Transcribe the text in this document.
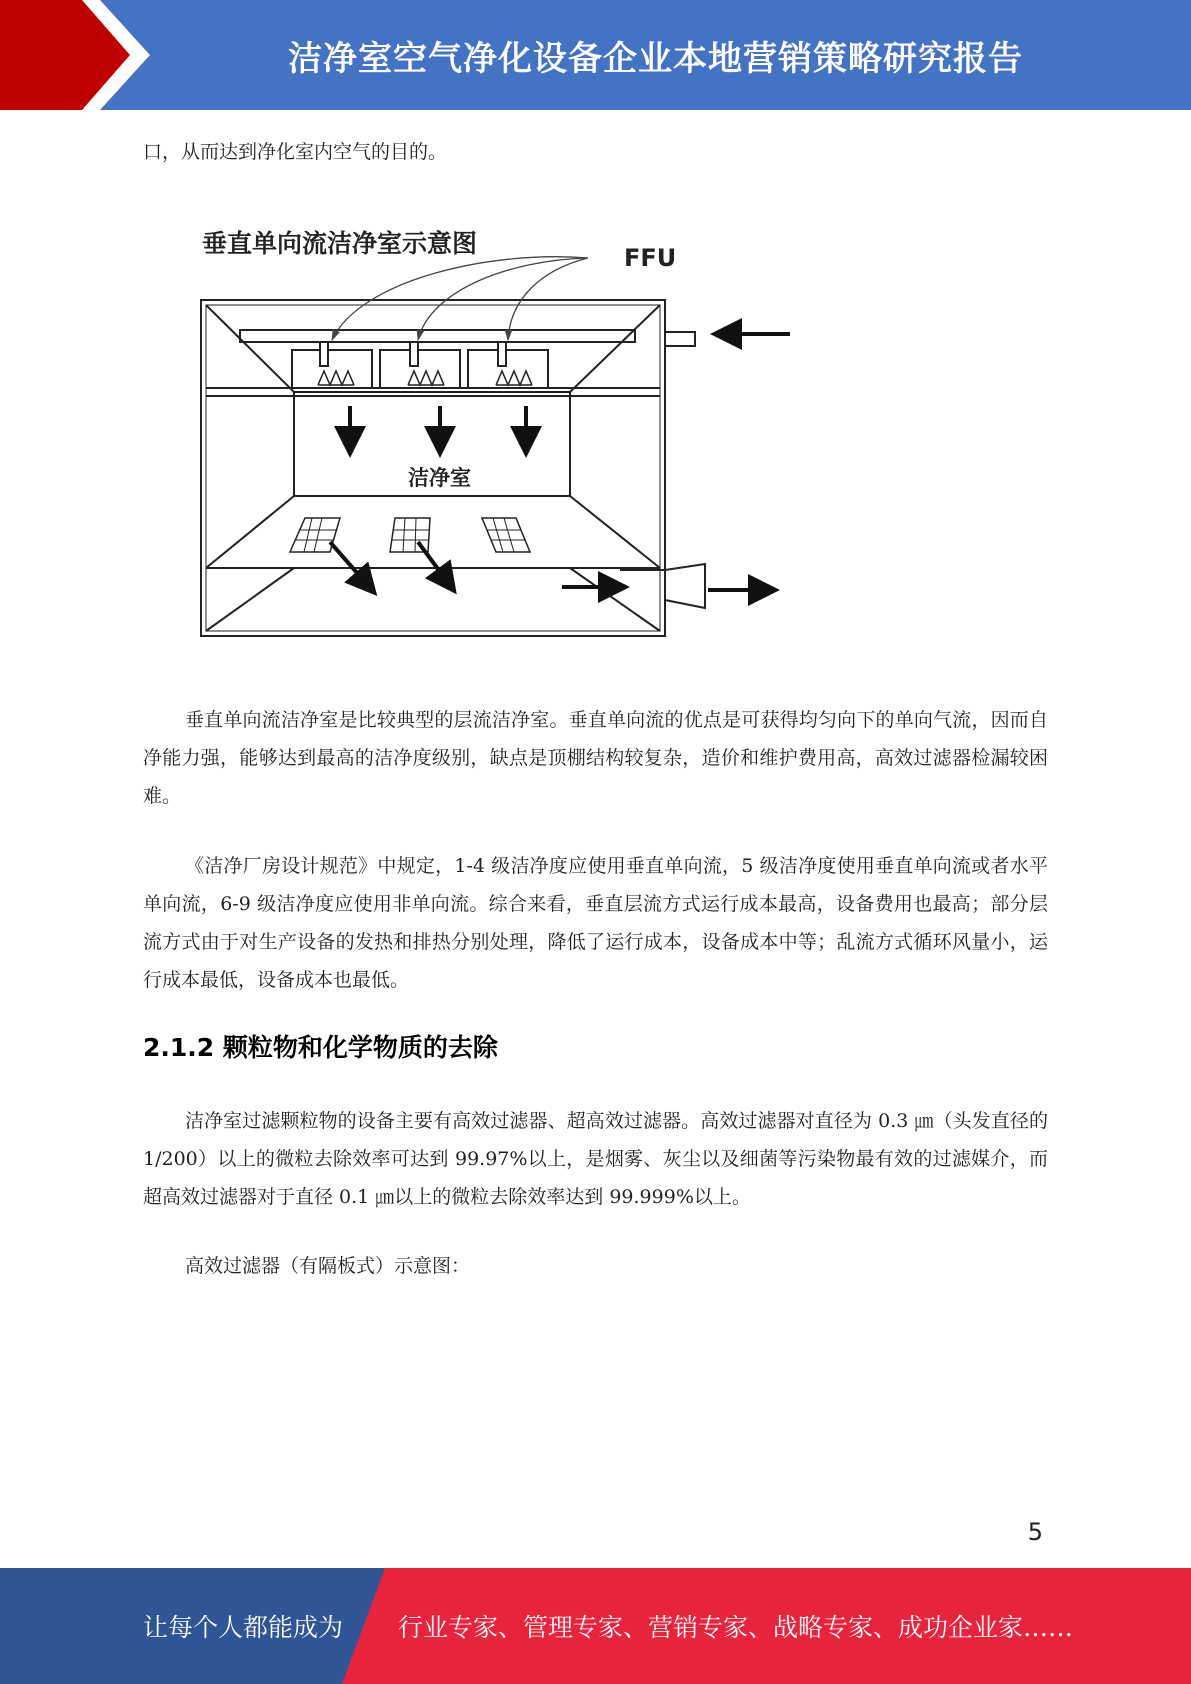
洁净室空气净化设备企业本地营销策略研究报告

口，从而达到净化室内空气的目的。

垂直单向流洁净室示意图	FFU
洁净室

垂直单向流洁净室是比较典型的层流洁净室。垂直单向流的优点是可获得均匀向下的单向气流，因而自净能力强，能够达到最高的洁净度级别，缺点是顶棚结构较复杂，造价和维护费用高，高效过滤器检漏较困难。

《洁净厂房设计规范》中规定，1-4 级洁净度应使用垂直单向流，5 级洁净度使用垂直单向流或者水平单向流，6-9 级洁净度应使用非单向流。综合来看，垂直层流方式运行成本最高，设备费用也最高；部分层流方式由于对生产设备的发热和排热分别处理，降低了运行成本，设备成本中等；乱流方式循环风量小，运行成本最低，设备成本也最低。

2.1.2 颗粒物和化学物质的去除

洁净室过滤颗粒物的设备主要有高效过滤器、超高效过滤器。高效过滤器对直径为 0.3 ㎛（头发直径的 1/200）以上的微粒去除效率可达到 99.97%以上，是烟雾、灰尘以及细菌等污染物最有效的过滤媒介，而超高效过滤器对于直径 0.1 ㎛以上的微粒去除效率达到 99.999%以上。

高效过滤器（有隔板式）示意图：

5
让每个人都能成为 行业专家、管理专家、营销专家、战略专家、成功企业家……
